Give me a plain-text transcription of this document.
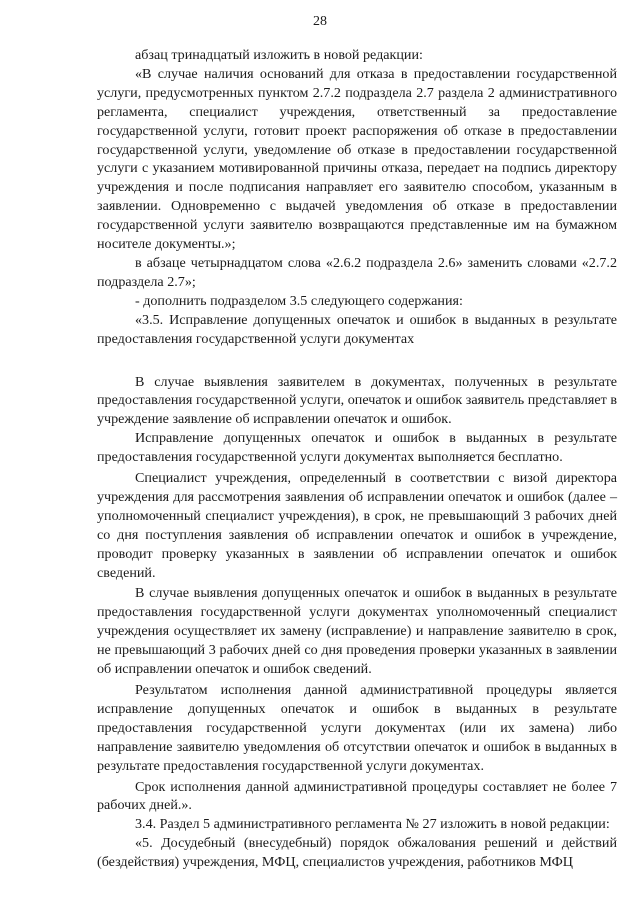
28

абзац тринадцатый изложить в новой редакции:

«В случае наличия оснований для отказа в предоставлении государственной услуги, предусмотренных пунктом 2.7.2 подраздела 2.7 раздела 2 административного регламента, специалист учреждения, ответственный за предоставление государственной услуги, готовит проект распоряжения об отказе в предоставлении государственной услуги, уведомление об отказе в предоставлении государственной услуги с указанием мотивированной причины отказа, передает на подпись директору учреждения и после подписания направляет его заявителю способом, указанным в заявлении. Одновременно с выдачей уведомления об отказе в предоставлении государственной услуги заявителю возвращаются представленные им на бумажном носителе документы.»;

в абзаце четырнадцатом слова «2.6.2 подраздела 2.6» заменить словами «2.7.2 подраздела 2.7»;

- дополнить подразделом 3.5 следующего содержания:

«3.5. Исправление допущенных опечаток и ошибок в выданных в результате предоставления государственной услуги документах

В случае выявления заявителем в документах, полученных в результате предоставления государственной услуги, опечаток и ошибок заявитель представляет в учреждение заявление об исправлении опечаток и ошибок.

Исправление допущенных опечаток и ошибок в выданных в результате предоставления государственной услуги документах выполняется бесплатно.

Специалист учреждения, определенный в соответствии с визой директора учреждения для рассмотрения заявления об исправлении опечаток и ошибок (далее – уполномоченный специалист учреждения), в срок, не превышающий 3 рабочих дней со дня поступления заявления об исправлении опечаток и ошибок в учреждение, проводит проверку указанных в заявлении об исправлении опечаток и ошибок сведений.

В случае выявления допущенных опечаток и ошибок в выданных в результате предоставления государственной услуги документах уполномоченный специалист учреждения осуществляет их замену (исправление) и направление заявителю в срок, не превышающий 3 рабочих дней со дня проведения проверки указанных в заявлении об исправлении опечаток и ошибок сведений.

Результатом исполнения данной административной процедуры является исправление допущенных опечаток и ошибок в выданных в результате предоставления государственной услуги документах (или их замена) либо направление заявителю уведомления об отсутствии опечаток и ошибок в выданных в результате предоставления государственной услуги документах.

Срок исполнения данной административной процедуры составляет не более 7 рабочих дней.».

3.4. Раздел 5 административного регламента № 27 изложить в новой редакции:

«5. Досудебный (внесудебный) порядок обжалования решений и действий (бездействия) учреждения, МФЦ, специалистов учреждения, работников МФЦ
